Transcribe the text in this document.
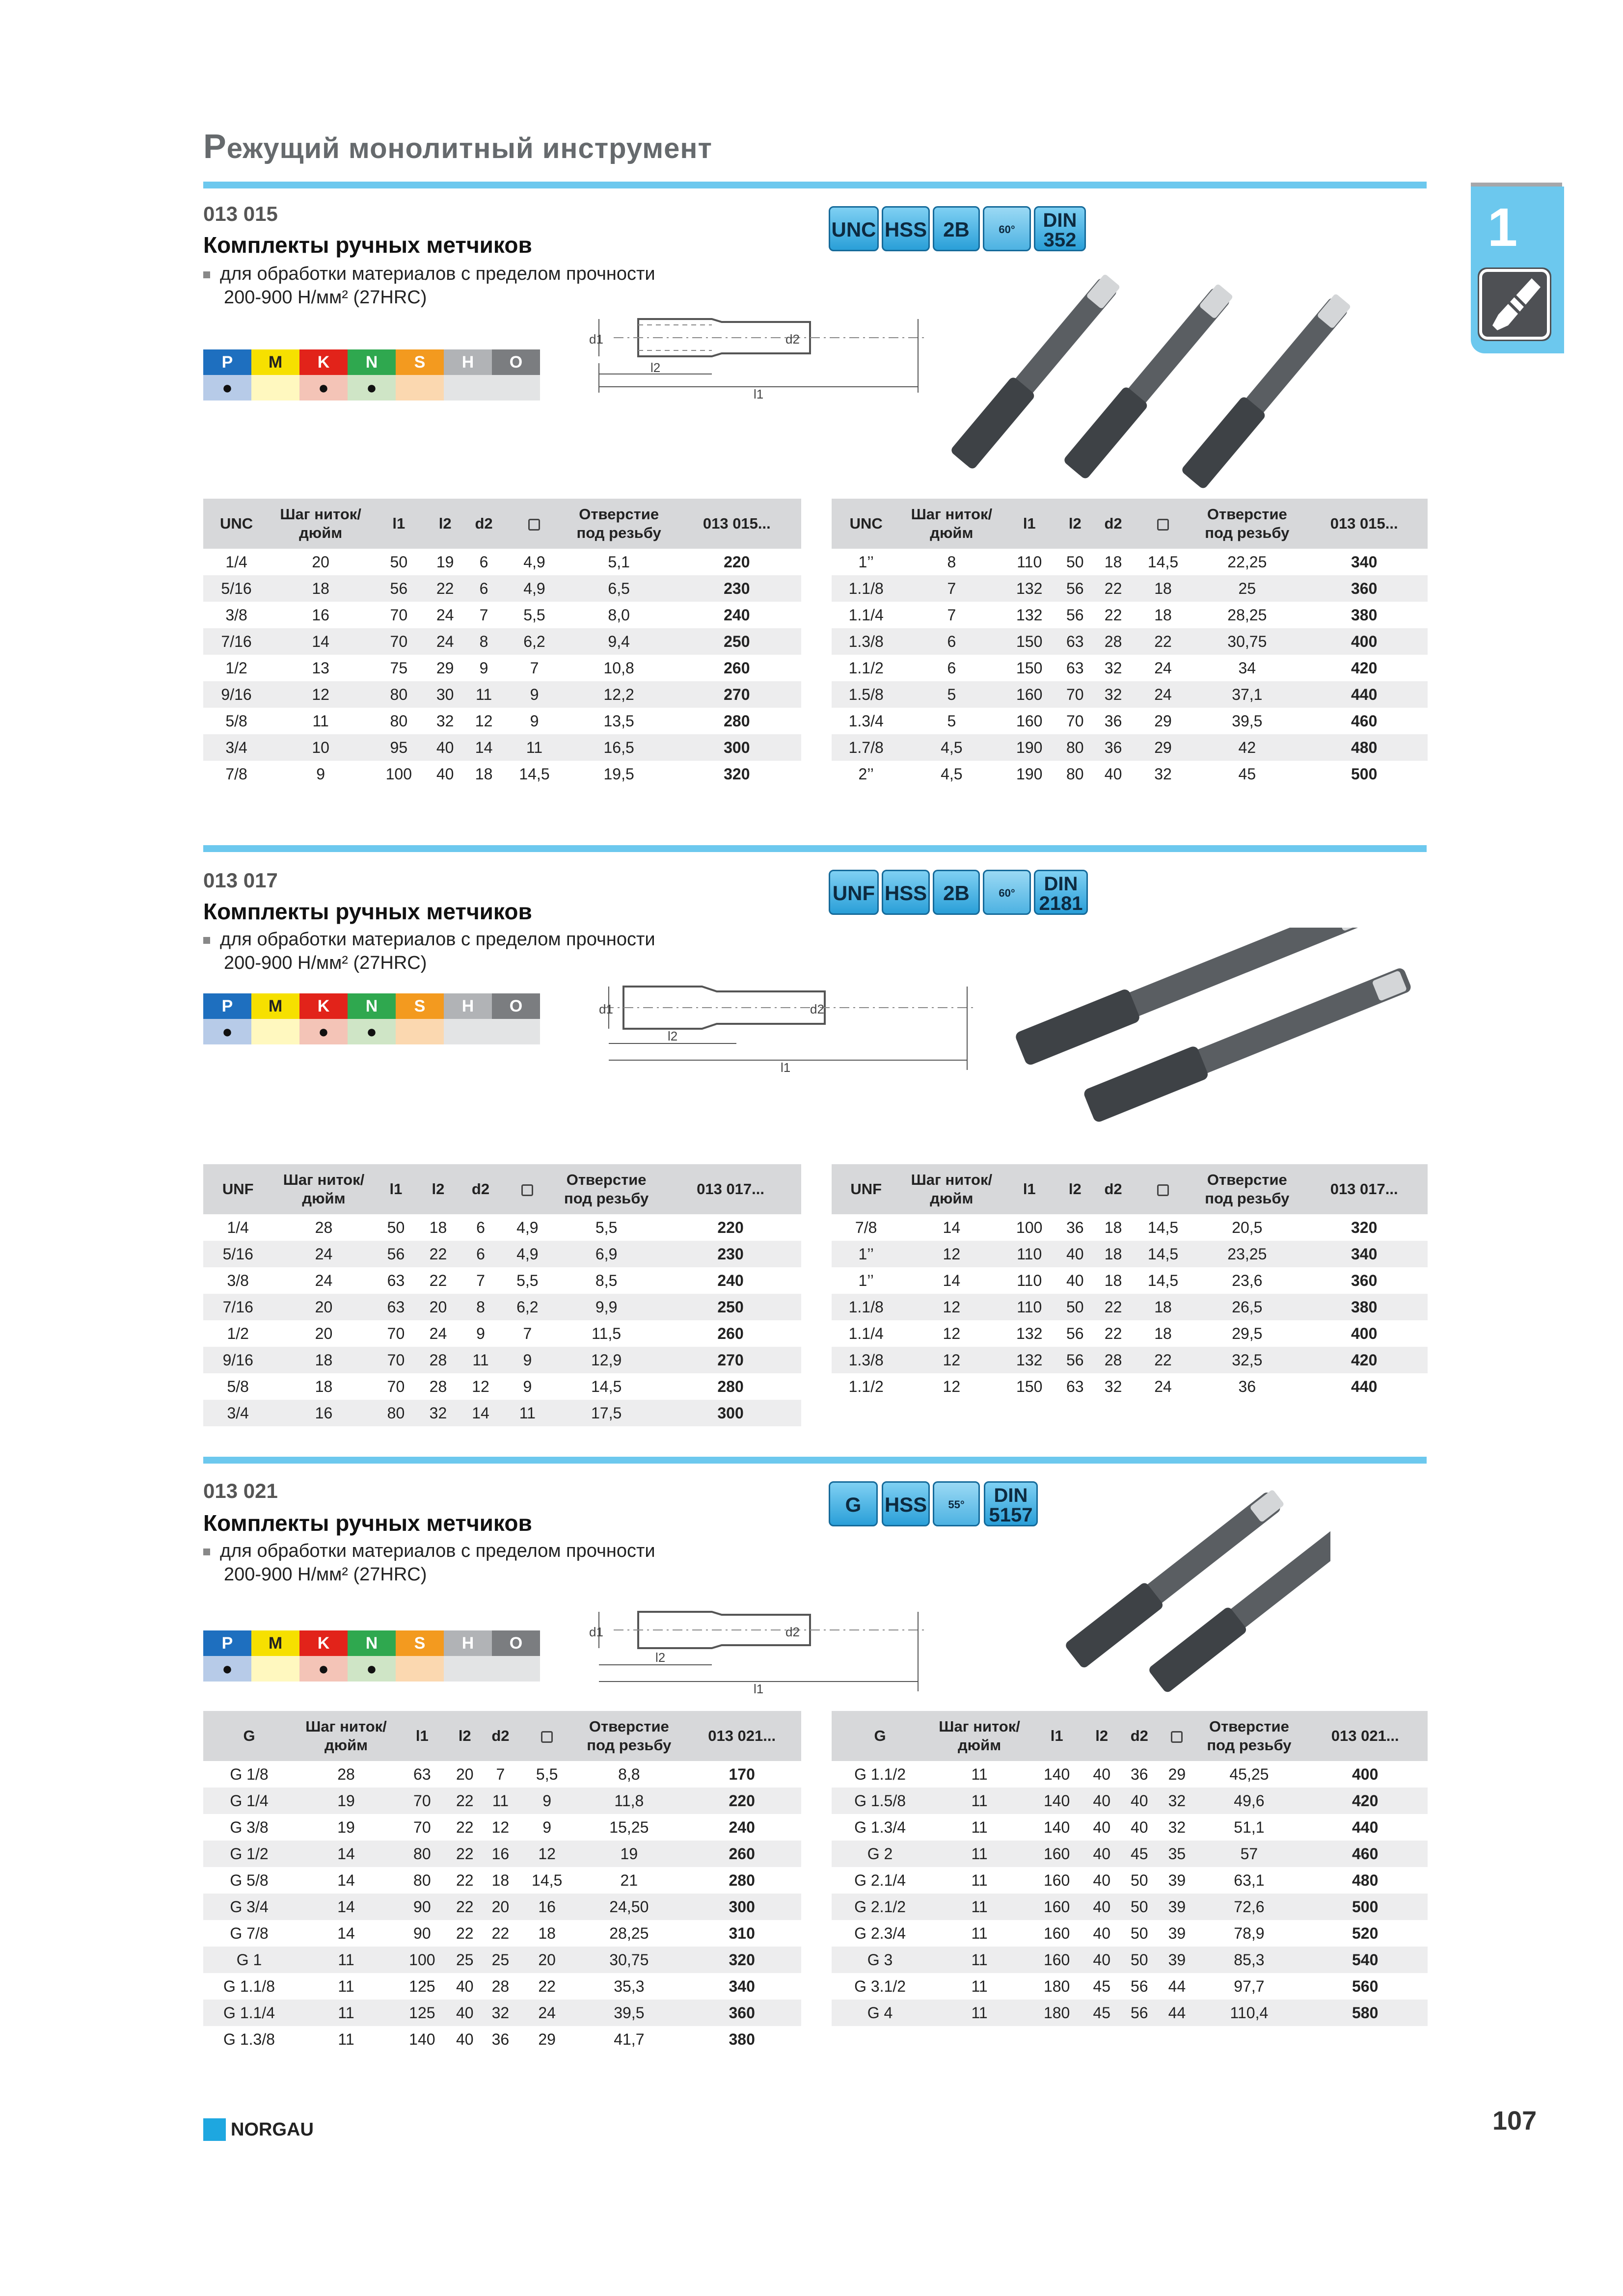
Режущий монолитный инструмент
1
013 015
Комплекты ручных метчиков
для обработки материалов с пределом прочности
200-900 Н/мм² (27HRC)
P	M	K	N	S	H	O
●		●	●			
d1	d2
l2
l1
UNC HSS 2B	60°	DIN
352
UNC	Шаг ниток/ дюйм	l1	l2	d2		Отверстие под резьбу	013 015...
1/4	20	50	19	6	4,9	5,1	220
5/16	18	56	22	6	4,9	6,5	230
3/8	16	70	24	7	5,5	8,0	240
7/16	14	70	24	8	6,2	9,4	250
1/2	13	75	29	9	7	10,8	260
9/16	12	80	30	11	9	12,2	270
5/8	11	80	32	12	9	13,5	280
3/4	10	95	40	14	11	16,5	300
7/8	9	100	40	18	14,5	19,5	320
UNC	Шаг ниток/ дюйм	l1	l2	d2		Отверстие под резьбу	013 015...
1’’	8	110	50	18	14,5	22,25	340
1.1/8	7	132	56	22	18	25	360
1.1/4	7	132	56	22	18	28,25	380
1.3/8	6	150	63	28	22	30,75	400
1.1/2	6	150	63	32	24	34	420
1.5/8	5	160	70	32	24	37,1	440
1.3/4	5	160	70	36	29	39,5	460
1.7/8	4,5	190	80	36	29	42	480
2’’	4,5	190	80	40	32	45	500
013 017
Комплекты ручных метчиков
для обработки материалов с пределом прочности
200-900 Н/мм² (27HRC)
P	M	K	N	S	H	O
●		●	●			
d1	d2
l2
l1
UNF HSS 2B	60°	DIN
2181
UNF	Шаг ниток/ дюйм	l1	l2	d2		Отверстие под резьбу	013 017...
1/4	28	50	18	6	4,9	5,5	220
5/16	24	56	22	6	4,9	6,9	230
3/8	24	63	22	7	5,5	8,5	240
7/16	20	63	20	8	6,2	9,9	250
1/2	20	70	24	9	7	11,5	260
9/16	18	70	28	11	9	12,9	270
5/8	18	70	28	12	9	14,5	280
3/4	16	80	32	14	11	17,5	300
UNF	Шаг ниток/ дюйм	l1	l2	d2		Отверстие под резьбу	013 017...
7/8	14	100	36	18	14,5	20,5	320
1’’	12	110	40	18	14,5	23,25	340
1’’	14	110	40	18	14,5	23,6	360
1.1/8	12	110	50	22	18	26,5	380
1.1/4	12	132	56	22	18	29,5	400
1.3/8	12	132	56	28	22	32,5	420
1.1/2	12	150	63	32	24	36	440
013 021
Комплекты ручных метчиков
для обработки материалов с пределом прочности
200-900 Н/мм² (27HRC)
P	M	K	N	S	H	O
●		●	●			
d1	d2
l2
l1
G	HSS	55°	DIN
5157
G	Шаг ниток/ дюйм	l1	l2	d2		Отверстие под резьбу	013 021...
G 1/8	28	63	20	7	5,5	8,8	170
G 1/4	19	70	22	11	9	11,8	220
G 3/8	19	70	22	12	9	15,25	240
G 1/2	14	80	22	16	12	19	260
G 5/8	14	80	22	18	14,5	21	280
G 3/4	14	90	22	20	16	24,50	300
G 7/8	14	90	22	22	18	28,25	310
G 1	11	100	25	25	20	30,75	320
G 1.1/8	11	125	40	28	22	35,3	340
G 1.1/4	11	125	40	32	24	39,5	360
G 1.3/8	11	140	40	36	29	41,7	380
G	Шаг ниток/ дюйм	l1	l2	d2		Отверстие под резьбу	013 021...
G 1.1/2	11	140	40	36	29	45,25	400
G 1.5/8	11	140	40	40	32	49,6	420
G 1.3/4	11	140	40	40	32	51,1	440
G 2	11	160	40	45	35	57	460
G 2.1/4	11	160	40	50	39	63,1	480
G 2.1/2	11	160	40	50	39	72,6	500
G 2.3/4	11	160	40	50	39	78,9	520
G 3	11	160	40	50	39	85,3	540
G 3.1/2	11	180	45	56	44	97,7	560
G 4	11	180	45	56	44	110,4	580
NORGAU	107
